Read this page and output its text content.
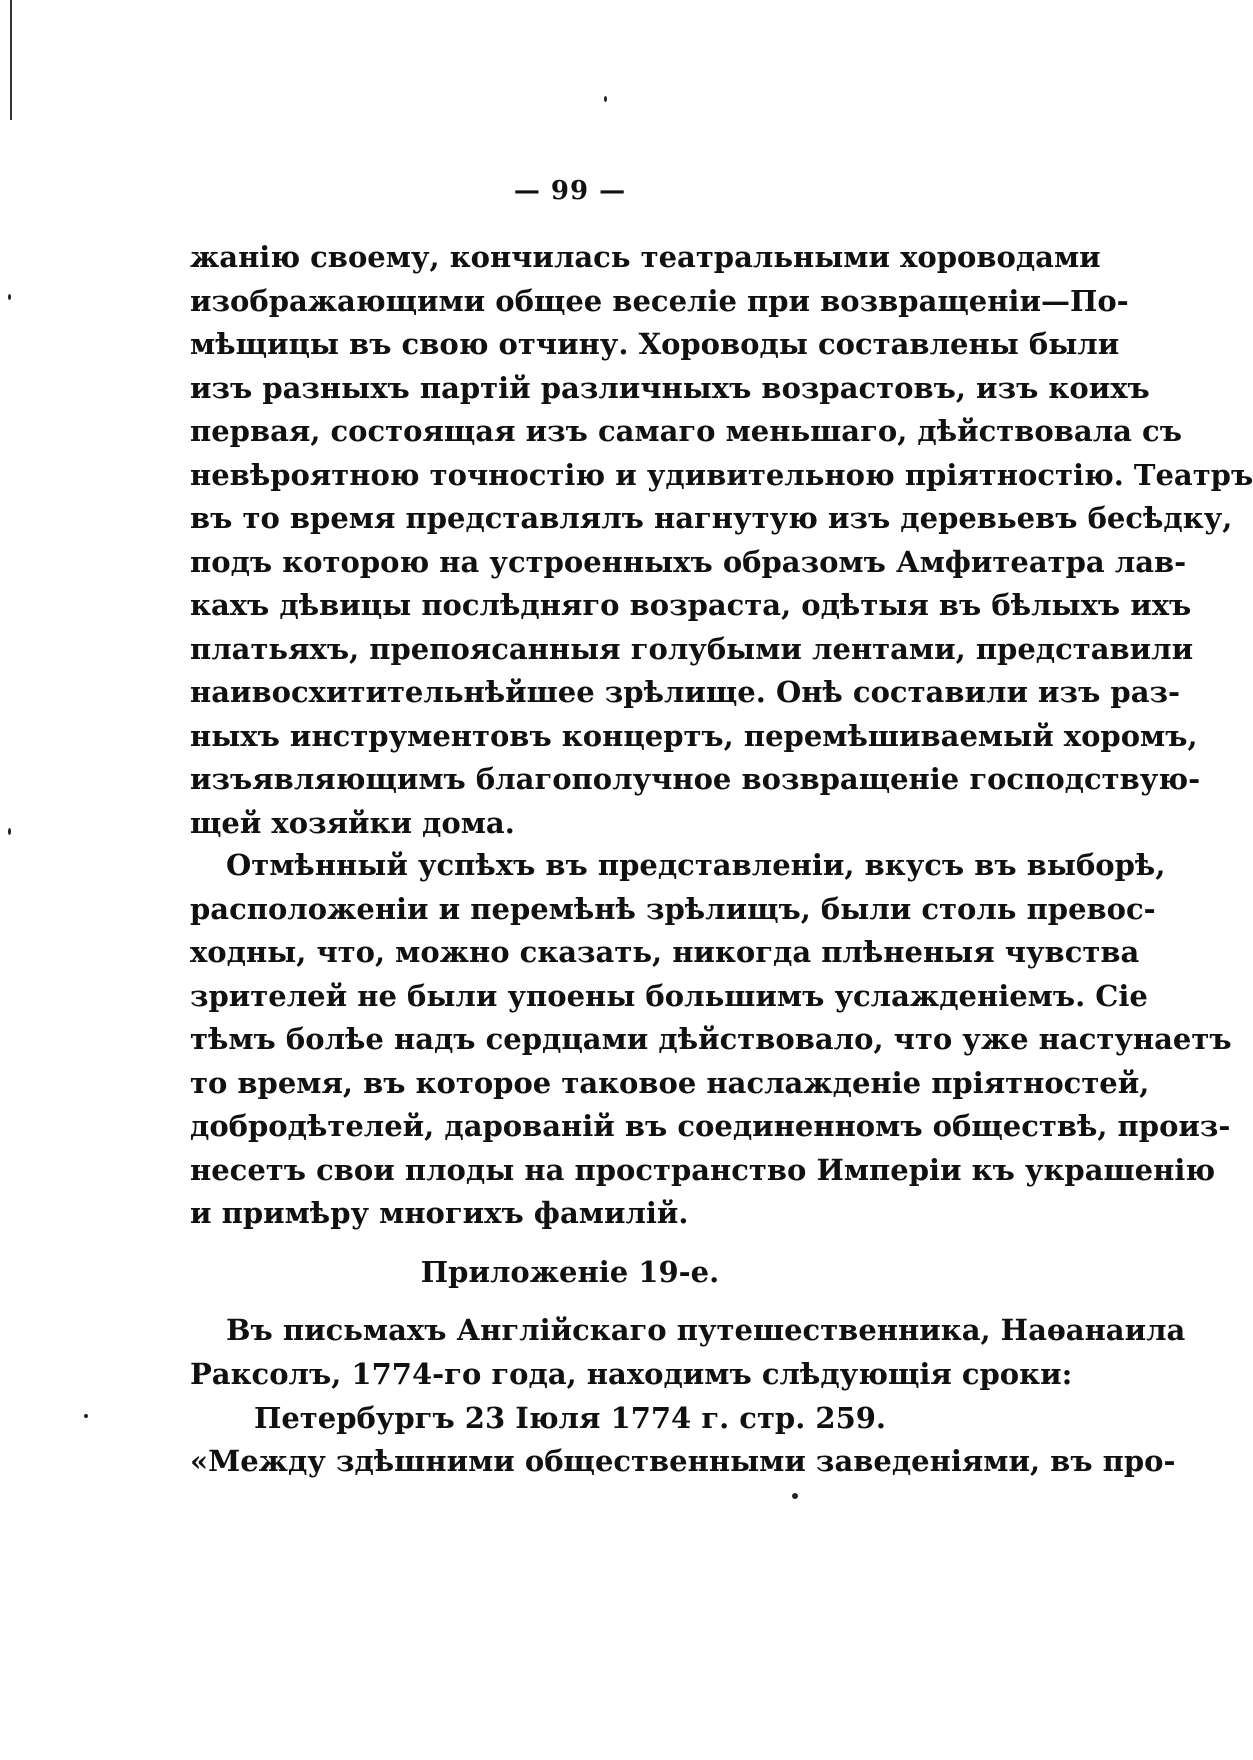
— 99 —
жанію своему, кончилась театральными хороводами
изображающими общее веселіе при возвращеніи—По-
мѣщицы въ свою отчину. Хороводы составлены были
изъ разныхъ партій различныхъ возрастовъ, изъ коихъ
первая, состоящая изъ самаго меньшаго, дѣйствовала съ
невѣроятною точностію и удивительною пріятностію. Театръ
въ то время представлялъ нагнутую изъ деревьевъ бесѣдку,
подъ которою на устроенныхъ образомъ Амфитеатра лав-
кахъ дѣвицы послѣдняго возраста, одѣтыя въ бѣлыхъ ихъ
платьяхъ, препоясанныя голубыми лентами, представили
наивосхитительнѣйшее зрѣлище. Онѣ составили изъ раз-
ныхъ инструментовъ концертъ, перемѣшиваемый хоромъ,
изъявляющимъ благополучное возвращеніе господствую-
щей хозяйки дома.
Отмѣнный успѣхъ въ представленіи, вкусъ въ выборѣ,
расположеніи и перемѣнѣ зрѣлищъ, были столь превос-
ходны, что, можно сказать, никогда плѣненыя чувства
зрителей не были упоены большимъ услажденіемъ. Сіе
тѣмъ болѣе надъ сердцами дѣйствовало, что уже настунаетъ
то время, въ которое таковое наслажденіе пріятностей,
добродѣтелей, дарованій въ соединенномъ обществѣ, произ-
несетъ свои плоды на пространство Имперіи къ украшенію
и примѣру многихъ фамилій.
Приложеніе 19-е.
Въ письмахъ Англійскаго путешественника, Наѳанаила
Раксолъ, 1774-го года, находимъ слѣдующія сроки:
Петербургъ 23 Іюля 1774 г. стр. 259.
«Между здѣшними общественными заведеніями, въ про-
